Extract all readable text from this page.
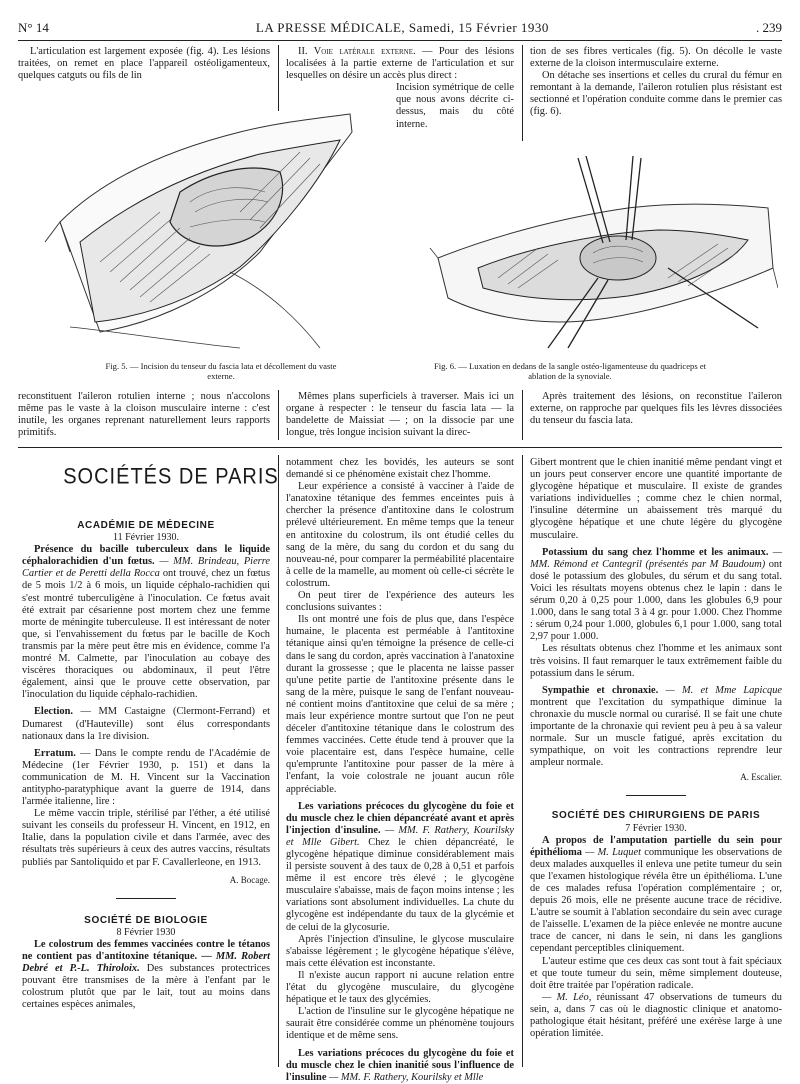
N° 14	LA PRESSE MÉDICALE, Samedi, 15 Février 1930	. 239

L'articulation est largement exposée (fig. 4). Les lésions traitées, on remet en place l'appareil ostéoligamenteux, quelques catguts ou fils de lin

II. Voie latérale externe. — Pour des lésions localisées à la partie externe de l'articulation et sur lesquelles on désire un accès plus direct :

Incision symétrique de celle que nous avons décrite ci-dessus, mais du côté interne.

tion de ses fibres verticales (fig. 5). On décolle le vaste externe de la cloison intermusculaire externe.

On détache ses insertions et celles du crural du fémur en remontant à la demande, l'aileron rotulien plus résistant est sectionné et l'opération conduite comme dans le premier cas (fig. 6).

Fig. 5. — Incision du tenseur du fascia lata et décollement du vaste externe.
Fig. 6. — Luxation en dedans de la sangle ostéo-ligamenteuse du quadriceps et ablation de la synoviale.

reconstituent l'aileron rotulien interne ; nous n'accolons même pas le vaste à la cloison musculaire interne : c'est inutile, les organes reprenant naturellement leurs rapports primitifs.

Mêmes plans superficiels à traverser. Mais ici un organe à respecter : le tenseur du fascia lata — la bandelette de Maissiat — ; on la dissocie par une longue, très longue incision suivant la direc-

Après traitement des lésions, on reconstitue l'aileron externe, on rapproche par quelques fils les lèvres dissociées du tenseur du fascia lata.

SOCIÉTÉS DE PARIS

ACADÉMIE DE MÉDECINE

11 Février 1930.

Présence du bacille tuberculeux dans le liquide céphalorachidien d'un fœtus. — MM. Brindeau, Pierre Cartier et de Peretti della Rocca ont trouvé, chez un fœtus de 5 mois 1/2 à 6 mois, un liquide céphalo-rachidien qui s'est montré tuberculigène à l'inoculation. Ce fœtus avait été extrait par césarienne post mortem chez une femme morte de méningite tuberculeuse. Il est intéressant de noter que, si l'envahissement du fœtus par le bacille de Koch transmis par la mère peut être mis en évidence, comme l'a montré M. Calmette, par l'inoculation au cobaye des viscères thoraciques ou abdominaux, il peut l'être également, ainsi que le prouve cette observation, par l'inoculation du liquide céphalo-rachidien.

Election. — MM Castaigne (Clermont-Ferrand) et Dumarest (d'Hauteville) sont élus correspondants nationaux dans la 1re division.

Erratum. — Dans le compte rendu de l'Académie de Médecine (1er Février 1930, p. 151) et dans la communication de M. H. Vincent sur la Vaccination antitypho-paratyphique avant la guerre de 1914, dans l'armée italienne, lire :

Le même vaccin triple, stérilisé par l'éther, a été utilisé suivant les conseils du professeur H. Vincent, en 1912, en Italie, dans la population civile et dans l'armée, avec des résultats très supérieurs à ceux des autres vaccins, résultats publiés par Santoliquido et par F. Cavallerleone, en 1913.

A. Bocage.

SOCIÉTÉ DE BIOLOGIE

8 Février 1930

Le colostrum des femmes vaccinées contre le tétanos ne contient pas d'antitoxine tétanique. — MM. Robert Debré et P.-L. Thiroloix. Des substances protectrices pouvant être transmises de la mère à l'enfant par le colostrum plutôt que par le lait, tout au moins dans certaines espèces animales,

notamment chez les bovidés, les auteurs se sont demandé si ce phénomène existait chez l'homme.

Leur expérience a consisté à vacciner à l'aide de l'anatoxine tétanique des femmes enceintes puis à chercher la présence d'antitoxine dans le colostrum prélevé ultérieurement. En même temps que la teneur en antitoxine du colostrum, ils ont étudié celles du sang de la mère, du sang du cordon et du sang du nouveau-né, pour comparer la perméabilité placentaire à celle de la mamelle, au moment où celle-ci sécrète le colostrum.

On peut tirer de l'expérience des auteurs les conclusions suivantes :

Ils ont montré une fois de plus que, dans l'espèce humaine, le placenta est perméable à l'antitoxine tétanique ainsi qu'en témoigne la présence de celle-ci dans le sang du cordon, après vaccination à l'anatoxine durant la grossesse ; que le placenta ne laisse passer qu'une petite partie de l'antitoxine présente dans le sang de la mère, puisque le sang de l'enfant nouveau-né contient moins d'antitoxine que celui de sa mère ; mais leur expérience montre surtout que l'on ne peut déceler d'antitoxine tétanique dans le colostrum des femmes vaccinées. Cette étude tend à prouver que la voie placentaire est, dans l'espèce humaine, celle qu'emprunte l'antitoxine pour passer de la mère à l'enfant, la voie colostrale ne jouant aucun rôle appréciable.

Les variations précoces du glycogène du foie et du muscle chez le chien dépancréaté avant et après l'injection d'insuline. — MM. F. Rathery, Kourilsky et Mlle Gibert. Chez le chien dépancréaté, le glycogène hépatique diminue considérablement mais il persiste souvent à des taux de 0,28 à 0,51 et parfois même il est encore très élevé ; le glycogène musculaire s'abaisse, mais de façon moins intense ; les variations sont absolument individuelles. La chute du glycogène est indépendante du taux de la glycémie et de celui de la glycosurie.

Après l'injection d'insuline, le glycose musculaire s'abaisse légèrement ; le glycogène hépatique s'élève, mais cette élévation est inconstante.

Il n'existe aucun rapport ni aucune relation entre l'état du glycogène musculaire, du glycogène hépatique et le taux des glycémies.

L'action de l'insuline sur le glycogène hépatique ne saurait être considérée comme un phénomène toujours identique et de même sens.

Les variations précoces du glycogène du foie et du muscle chez le chien inanitié sous l'influence de l'insuline — MM. F. Rathery, Kourilsky et Mlle

Gibert montrent que le chien inanitié même pendant vingt et un jours peut conserver encore une quantité importante de glycogène hépatique et musculaire. Il existe de grandes variations individuelles ; comme chez le chien normal, l'insuline détermine un abaissement très marqué du glycogène hépatique et une chute légère du glycogène musculaire.

Potassium du sang chez l'homme et les animaux. —MM. Rémond et Cantegril (présentés par M Baudoum) ont dosé le potassium des globules, du sérum et du sang total. Voici les résultats moyens obtenus chez le lapin : dans le sérum 0,20 à 0,25 pour 1.000, dans les globules 6,9 pour 1.000, dans le sang total 3 à 4 gr. pour 1.000. Chez l'homme : sérum 0,24 pour 1.000, globules 6,1 pour 1.000, sang total 2,97 pour 1.000.

Les résultats obtenus chez l'homme et les animaux sont très voisins. Il faut remarquer le taux extrêmement faible du potassium dans le sérum.

Sympathie et chronaxie. — M. et Mme Lapicque montrent que l'excitation du sympathique diminue la chronaxie du muscle normal ou curarisé. Il se fait une chute importante de la chronaxie qui revient peu à peu à sa valeur normale. Sur un muscle fatigué, après excitation du sympathique, on voit les contractions reprendre leur ampleur normale.

A. Escalier.

SOCIÉTÉ DES CHIRURGIENS DE PARIS

7 Février 1930.

A propos de l'amputation partielle du sein pour épithélioma — M. Luquet communique les observations de deux malades auxquelles il enleva une petite tumeur du sein que l'examen histologique révéla être un épithélioma. L'une de ces malades refusa l'opération complémentaire ; or, depuis 26 mois, elle ne présente aucune trace de récidive. L'autre se soumit à l'ablation secondaire du sein avec curage de l'aisselle. L'examen de la pièce enlevée ne montre aucune trace de cancer, ni dans le sein, ni dans les ganglions cependant perceptibles cliniquement.

L'auteur estime que ces deux cas sont tout à fait spéciaux et que toute tumeur du sein, même simplement douteuse, doit être traitée par l'opération radicale.

— M. Léo, réunissant 47 observations de tumeurs du sein, a, dans 7 cas où le diagnostic clinique et anatomo-pathologique était hésitant, préféré une exérèse large à une opération limitée.
